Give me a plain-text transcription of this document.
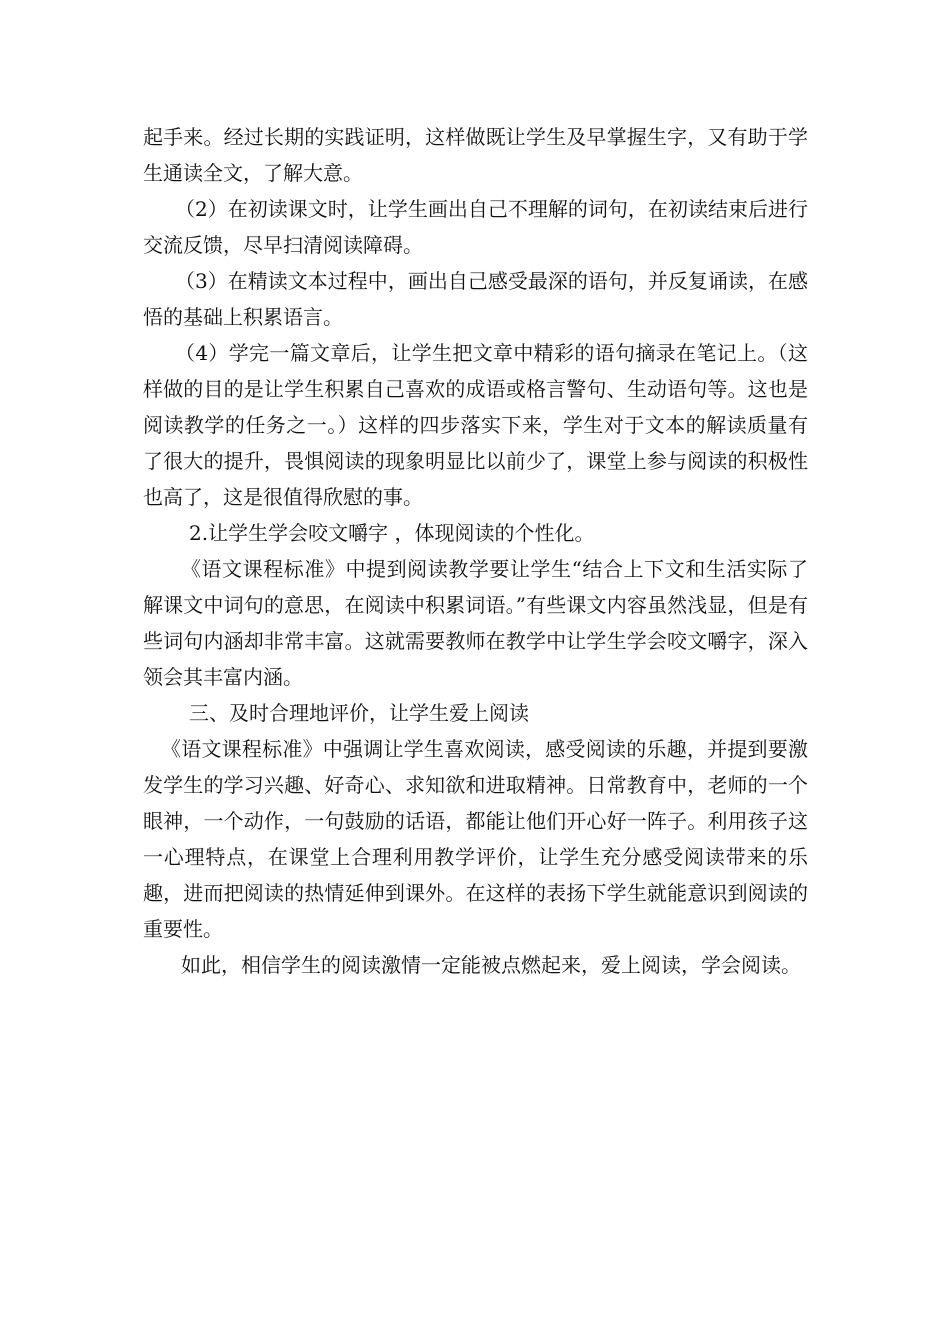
起手来。经过长期的实践证明，这样做既让学生及早掌握生字，又有助于学生通读全文，了解大意。

（2）在初读课文时，让学生画出自己不理解的词句，在初读结束后进行交流反馈，尽早扫清阅读障碍。

（3）在精读文本过程中，画出自己感受最深的语句，并反复诵读，在感悟的基础上积累语言。

（4）学完一篇文章后，让学生把文章中精彩的语句摘录在笔记上。（这样做的目的是让学生积累自己喜欢的成语或格言警句、生动语句等。这也是阅读教学的任务之一。）这样的四步落实下来，学生对于文本的解读质量有了很大的提升，畏惧阅读的现象明显比以前少了，课堂上参与阅读的积极性也高了，这是很值得欣慰的事。

2.让学生学会咬文嚼字 ，体现阅读的个性化。

《语文课程标准》中提到阅读教学要让学生“结合上下文和生活实际了解课文中词句的意思，在阅读中积累词语。”有些课文内容虽然浅显，但是有些词句内涵却非常丰富。这就需要教师在教学中让学生学会咬文嚼字，深入领会其丰富内涵。

三、及时合理地评价，让学生爱上阅读

《语文课程标准》中强调让学生喜欢阅读，感受阅读的乐趣，并提到要激发学生的学习兴趣、好奇心、求知欲和进取精神。日常教育中，老师的一个眼神，一个动作，一句鼓励的话语，都能让他们开心好一阵子。利用孩子这一心理特点，在课堂上合理利用教学评价，让学生充分感受阅读带来的乐趣，进而把阅读的热情延伸到课外。在这样的表扬下学生就能意识到阅读的重要性。

如此，相信学生的阅读激情一定能被点燃起来，爱上阅读，学会阅读。
